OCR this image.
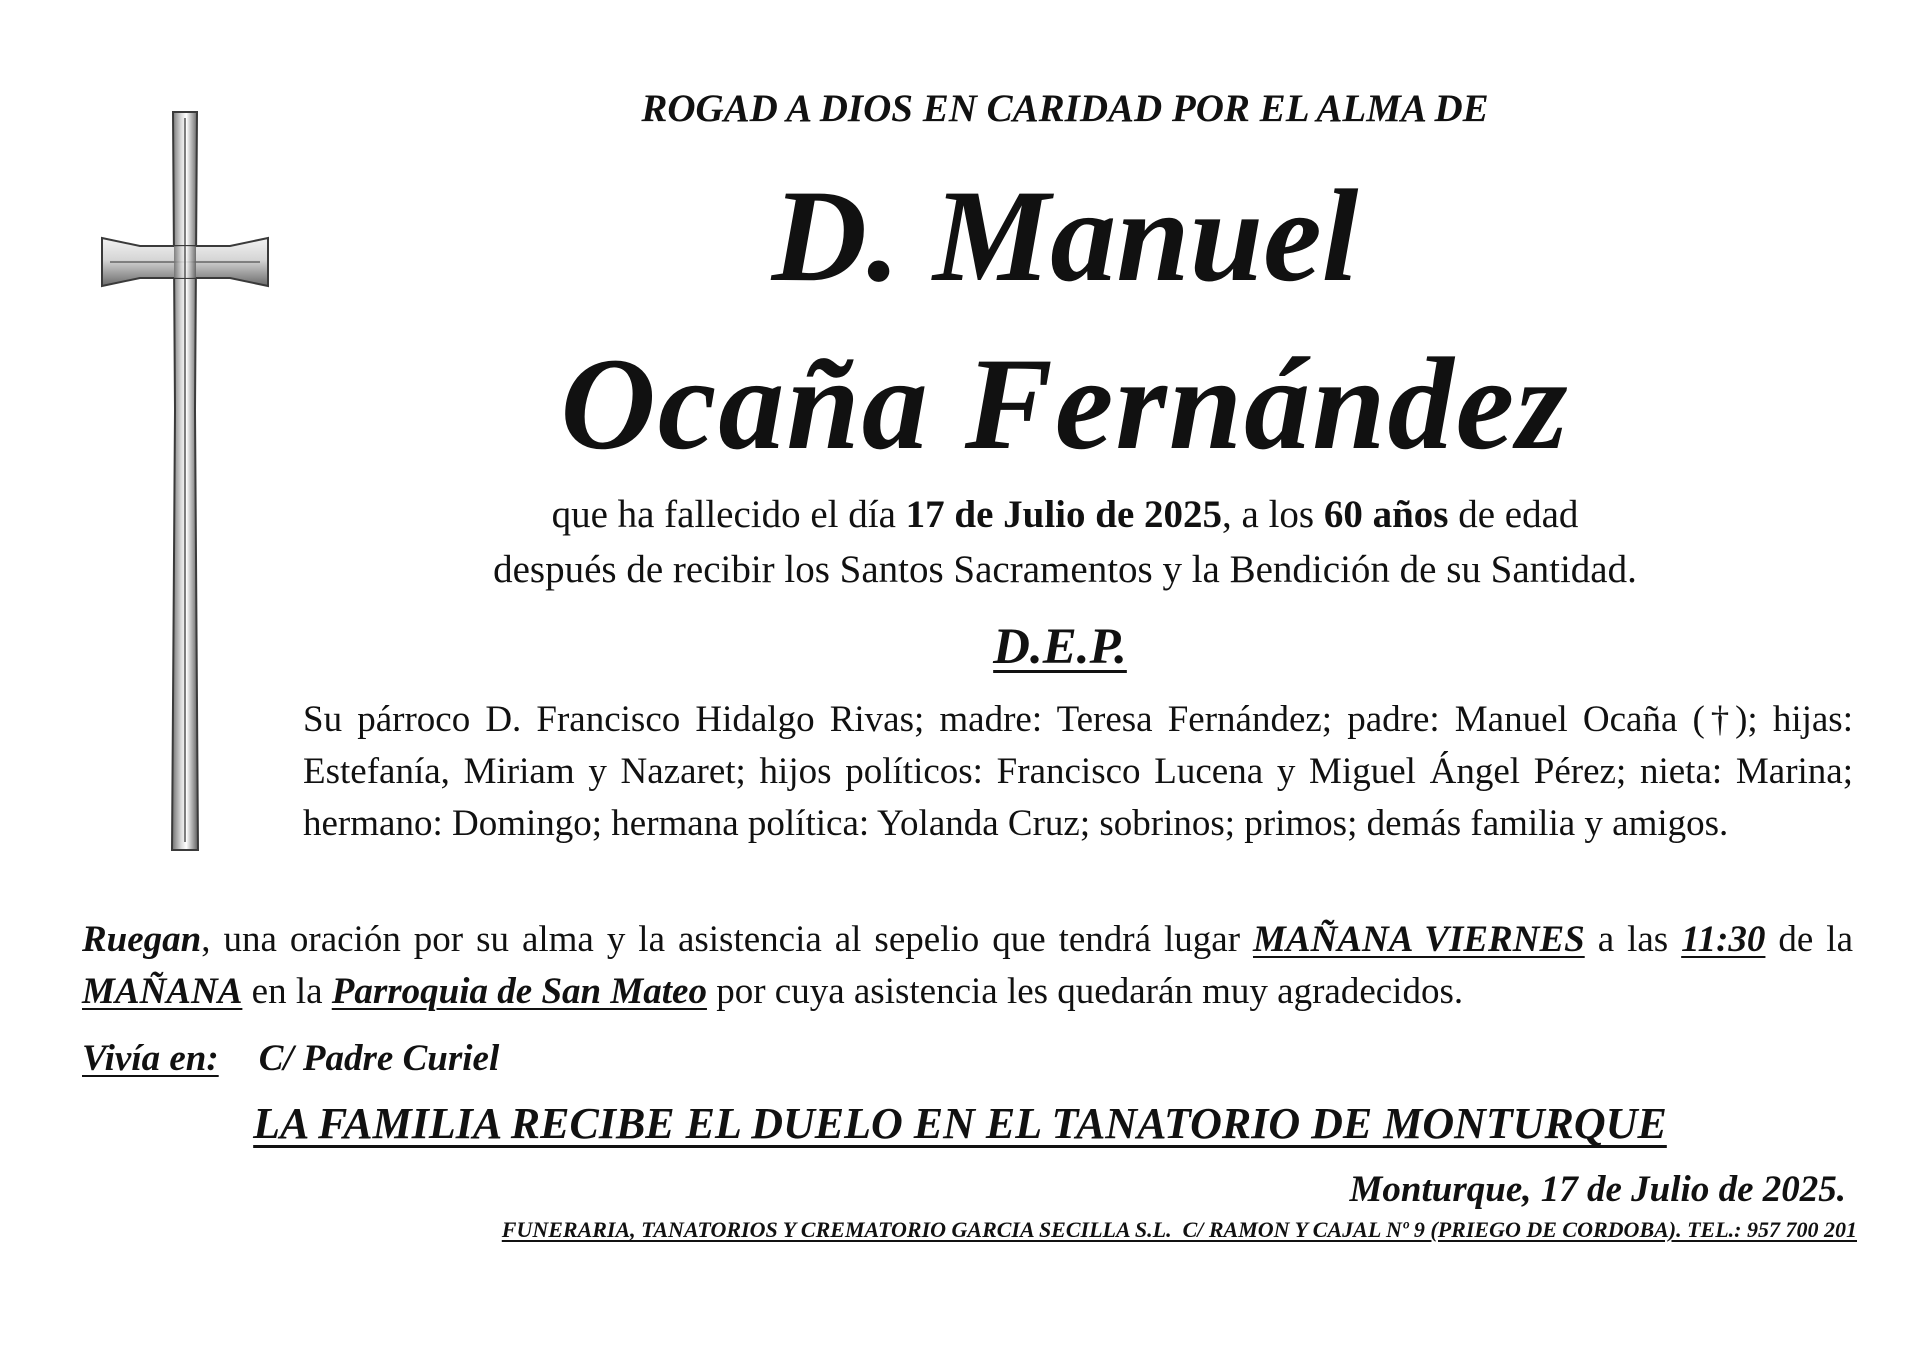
ROGAD A DIOS EN CARIDAD POR EL ALMA DE
D. Manuel
Ocaña Fernández
que ha fallecido el día 17 de Julio de 2025, a los 60 años de edad
después de recibir los Santos Sacramentos y la Bendición de su Santidad.
D.E.P.
Su párroco D. Francisco Hidalgo Rivas; madre: Teresa Fernández; padre: Manuel Ocaña (†); hijas: Estefanía, Miriam y Nazaret; hijos políticos: Francisco Lucena y Miguel Ángel Pérez; nieta: Marina; hermano: Domingo; hermana política: Yolanda Cruz; sobrinos; primos; demás familia y amigos.
Ruegan, una oración por su alma y la asistencia al sepelio que tendrá lugar MAÑANA VIERNES a las 11:30 de la MAÑANA en la Parroquia de San Mateo por cuya asistencia les quedarán muy agradecidos.
Vivía en: C/ Padre Curiel
LA FAMILIA RECIBE EL DUELO EN EL TANATORIO DE MONTURQUE
Monturque, 17 de Julio de 2025.
FUNERARIA, TANATORIOS Y CREMATORIO GARCIA SECILLA S.L.  C/ RAMON Y CAJAL Nº 9 (PRIEGO DE CORDOBA). TEL.: 957 700 201
